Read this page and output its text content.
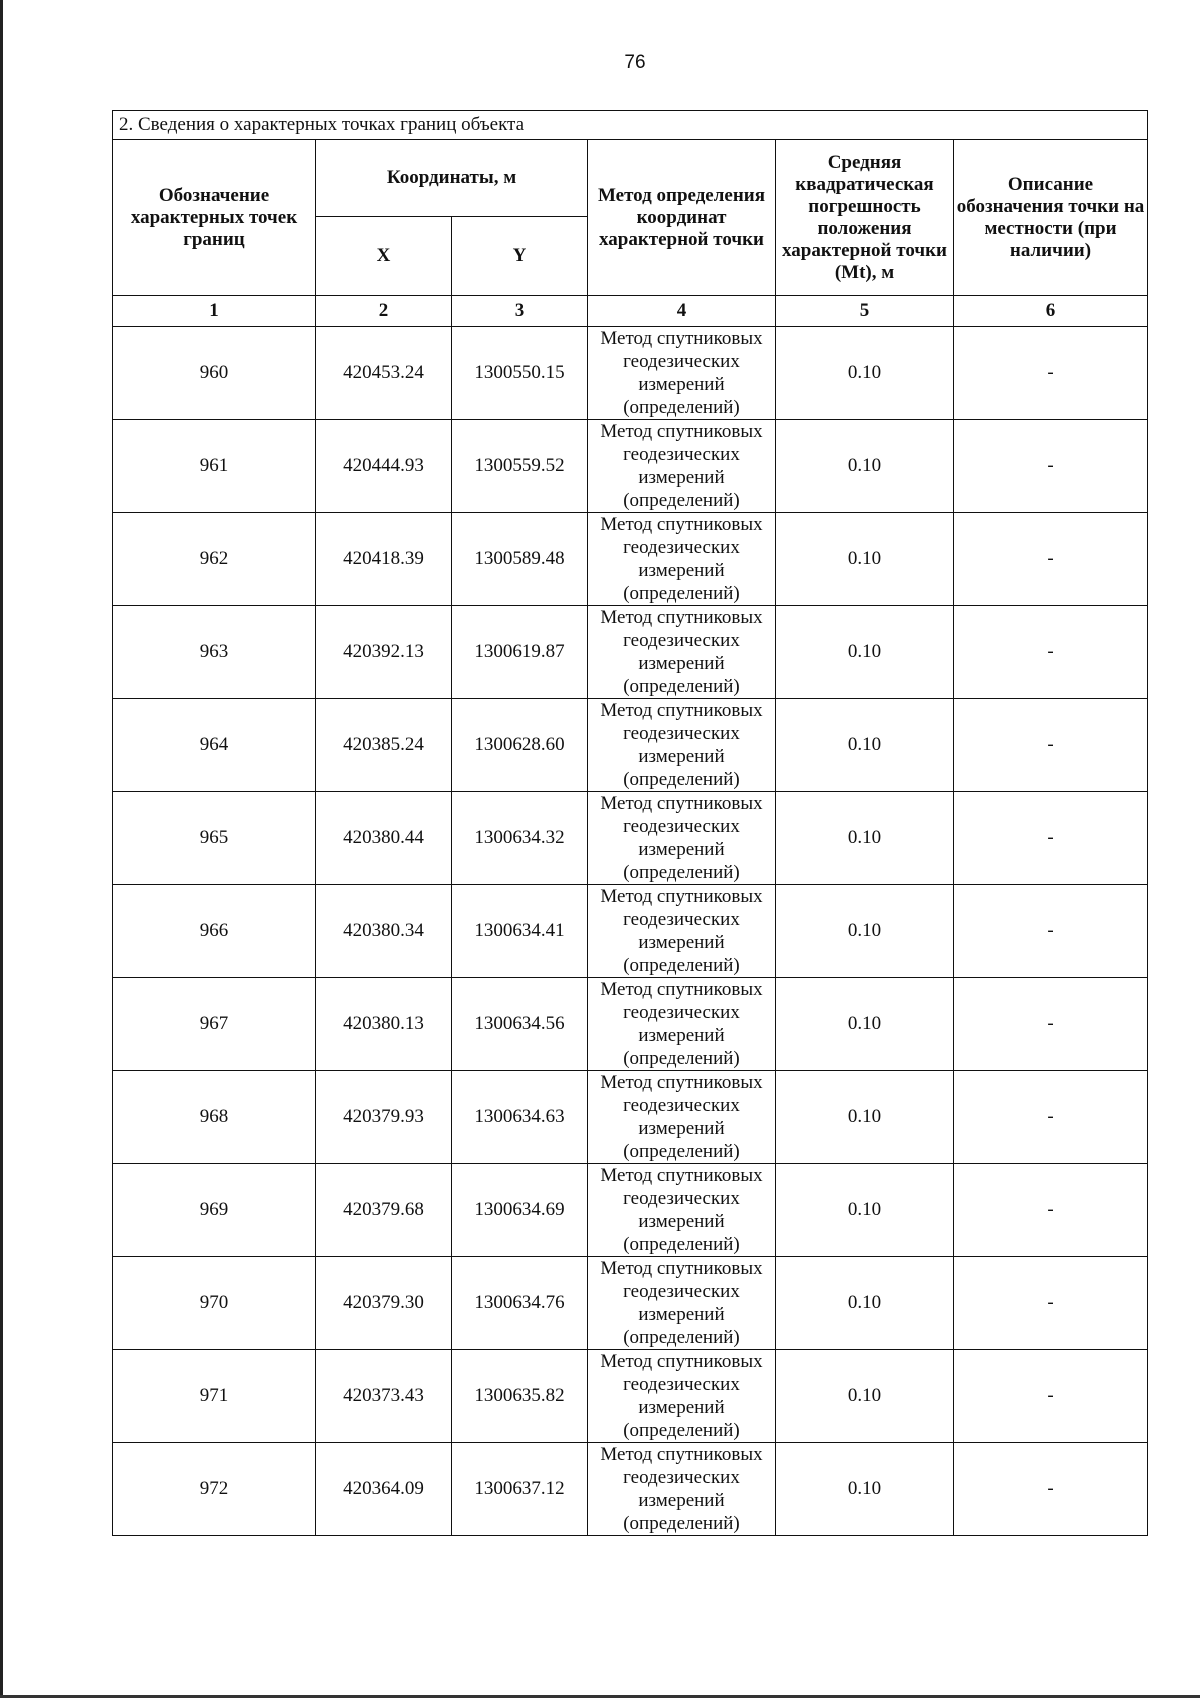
76
2. Сведения о характерных точках границ объекта					
Обозначение характерных точек границ	Координаты, м		Метод определения координат характерной точки	Средняя квадратическая погрешность положения характерной точки (Mt), м	Описание обозначения точки на местности (при наличии)
	X	Y			
1	2	3	4	5	6
960	420453.24	1300550.15	Метод спутниковых геодезических измерений (определений)	0.10	-
961	420444.93	1300559.52	Метод спутниковых геодезических измерений (определений)	0.10	-
962	420418.39	1300589.48	Метод спутниковых геодезических измерений (определений)	0.10	-
963	420392.13	1300619.87	Метод спутниковых геодезических измерений (определений)	0.10	-
964	420385.24	1300628.60	Метод спутниковых геодезических измерений (определений)	0.10	-
965	420380.44	1300634.32	Метод спутниковых геодезических измерений (определений)	0.10	-
966	420380.34	1300634.41	Метод спутниковых геодезических измерений (определений)	0.10	-
967	420380.13	1300634.56	Метод спутниковых геодезических измерений (определений)	0.10	-
968	420379.93	1300634.63	Метод спутниковых геодезических измерений (определений)	0.10	-
969	420379.68	1300634.69	Метод спутниковых геодезических измерений (определений)	0.10	-
970	420379.30	1300634.76	Метод спутниковых геодезических измерений (определений)	0.10	-
971	420373.43	1300635.82	Метод спутниковых геодезических измерений (определений)	0.10	-
972	420364.09	1300637.12	Метод спутниковых геодезических измерений (определений)	0.10	-
